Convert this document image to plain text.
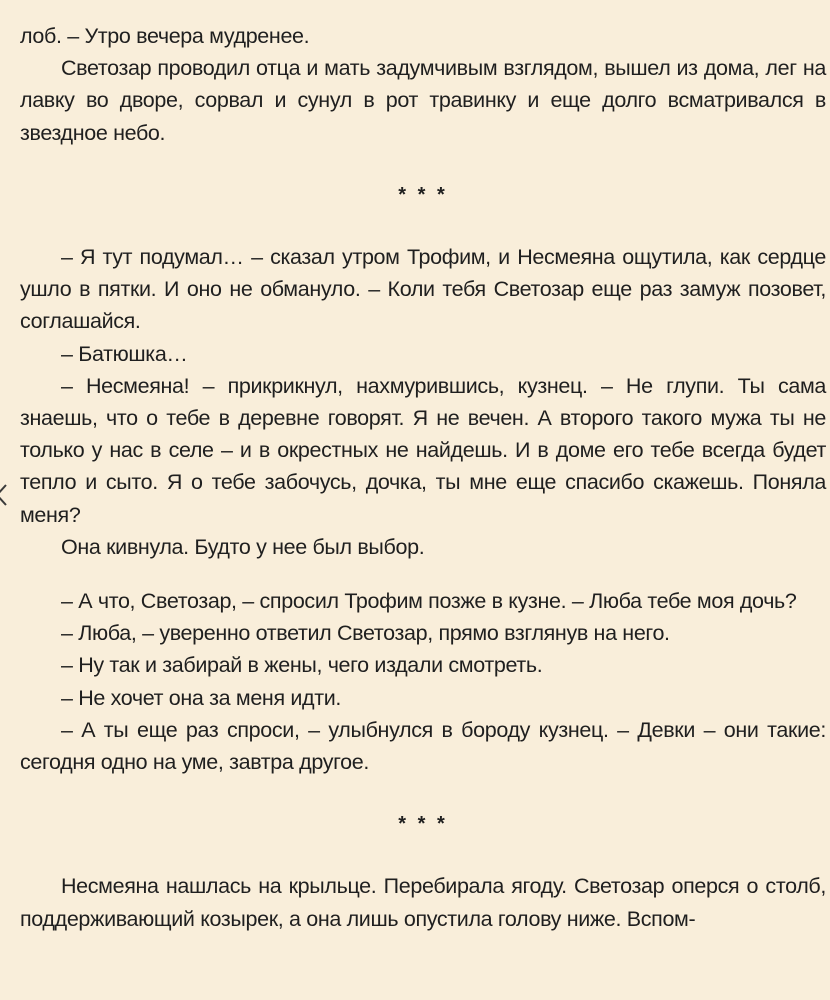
лоб. – Утро вечера мудренее.

Светозар проводил отца и мать задумчивым взглядом, вышел из дома, лег на лавку во дворе, сорвал и сунул в рот травинку и еще долго всматривался в звездное небо.

* * *

– Я тут подумал… – сказал утром Трофим, и Несмеяна ощутила, как сердце ушло в пятки. И оно не обмануло. – Коли тебя Светозар еще раз замуж позовет, соглашайся.

– Батюшка…

– Несмеяна! – прикрикнул, нахмурившись, кузнец. – Не глупи. Ты сама знаешь, что о тебе в деревне говорят. Я не вечен. А второго такого мужа ты не только у нас в селе – и в окрестных не найдешь. И в доме его тебе всегда будет тепло и сыто. Я о тебе забочусь, дочка, ты мне еще спасибо скажешь. Поняла меня?

Она кивнула. Будто у нее был выбор.

– А что, Светозар, – спросил Трофим позже в кузне. – Люба тебе моя дочь?

– Люба, – уверенно ответил Светозар, прямо взглянув на него.

– Ну так и забирай в жены, чего издали смотреть.

– Не хочет она за меня идти.

– А ты еще раз спроси, – улыбнулся в бороду кузнец. – Девки – они такие: сегодня одно на уме, завтра другое.

* * *

Несмеяна нашлась на крыльце. Перебирала ягоду. Светозар оперся о столб, поддерживающий козырек, а она лишь опустила голову ниже. Вспом-
